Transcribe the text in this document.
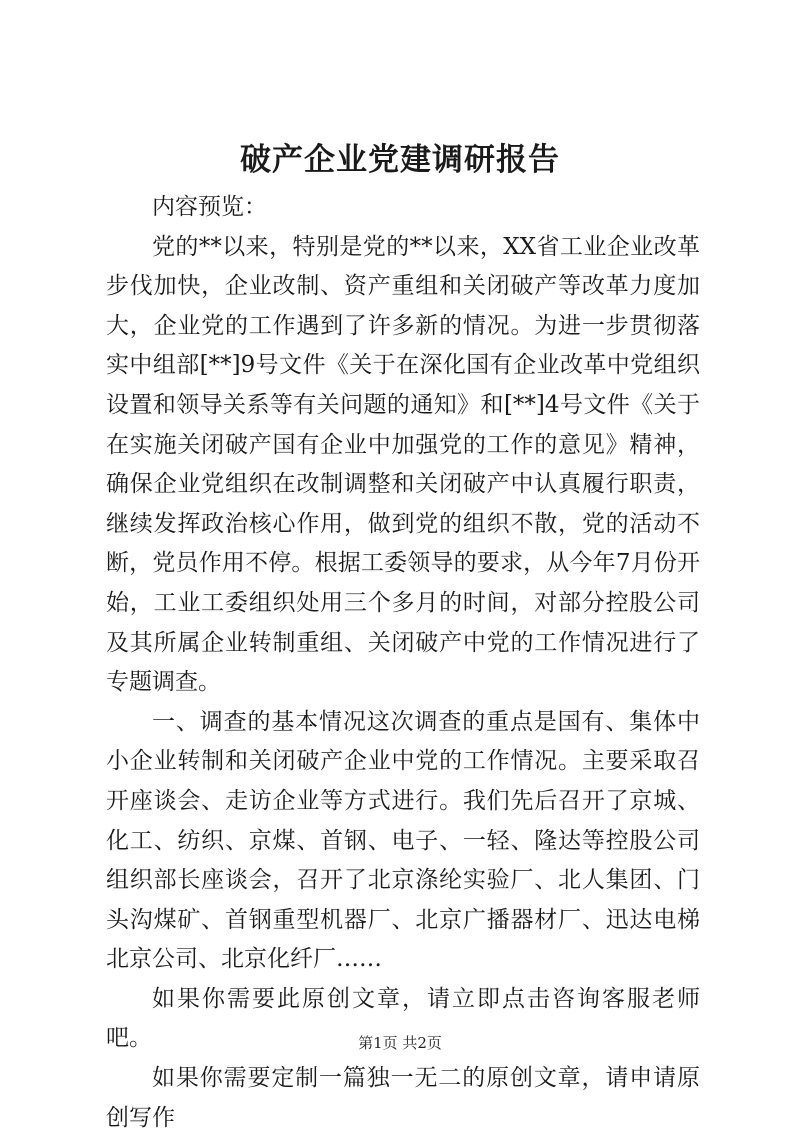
破产企业党建调研报告

内容预览：

党的**以来，特别是党的**以来，XX省工业企业改革步伐加快，企业改制、资产重组和关闭破产等改革力度加大，企业党的工作遇到了许多新的情况。为进一步贯彻落实中组部[**]9号文件《关于在深化国有企业改革中党组织设置和领导关系等有关问题的通知》和[**]4号文件《关于在实施关闭破产国有企业中加强党的工作的意见》精神，确保企业党组织在改制调整和关闭破产中认真履行职责，继续发挥政治核心作用，做到党的组织不散，党的活动不断，党员作用不停。根据工委领导的要求，从今年7月份开始，工业工委组织处用三个多月的时间，对部分控股公司及其所属企业转制重组、关闭破产中党的工作情况进行了专题调查。

一、调查的基本情况这次调查的重点是国有、集体中小企业转制和关闭破产企业中党的工作情况。主要采取召开座谈会、走访企业等方式进行。我们先后召开了京城、化工、纺织、京煤、首钢、电子、一轻、隆达等控股公司组织部长座谈会，召开了北京涤纶实验厂、北人集团、门头沟煤矿、首钢重型机器厂、北京广播器材厂、迅达电梯北京公司、北京化纤厂……

如果你需要此原创文章，请立即点击咨询客服老师吧。

如果你需要定制一篇独一无二的原创文章，请申请原创写作

第1页 共2页
